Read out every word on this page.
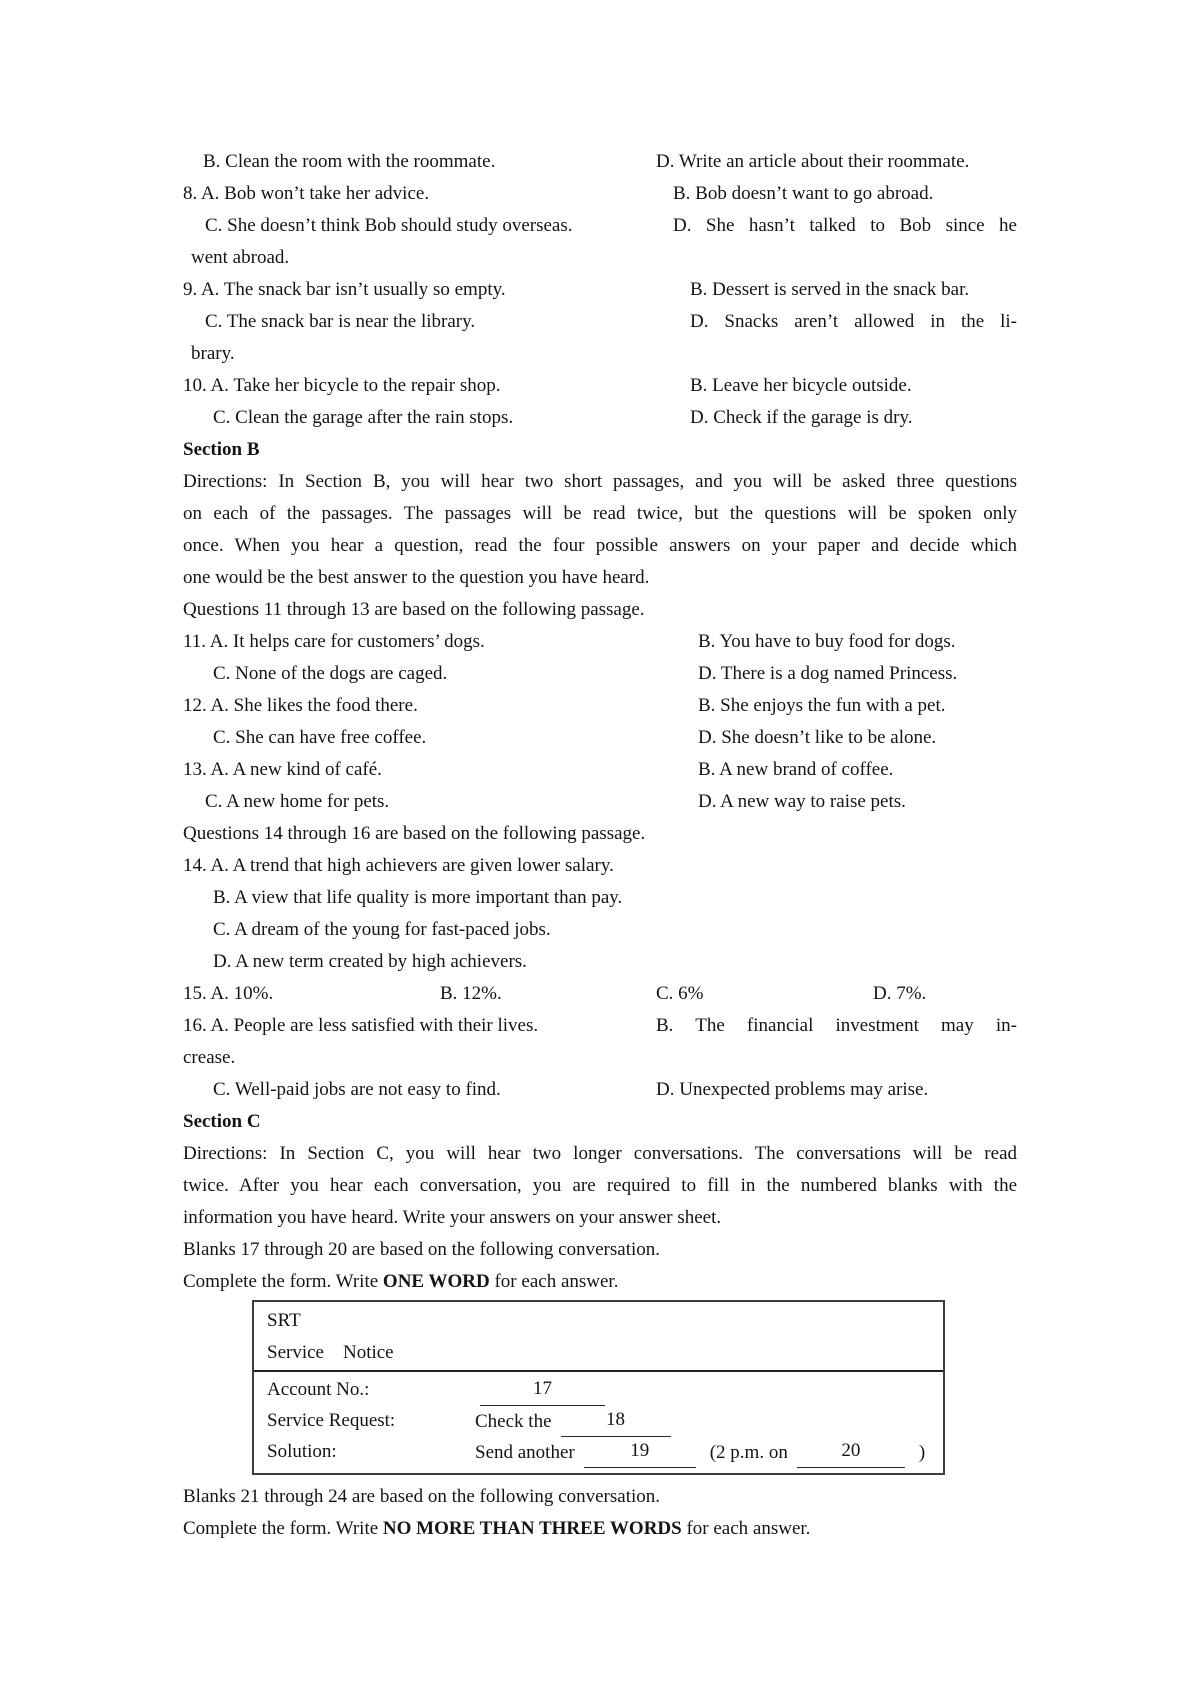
B. Clean the room with the roommate.	D. Write an article about their roommate.
8. A. Bob won’t take her advice.	B. Bob doesn’t want to go abroad.
C. She doesn’t think Bob should study overseas.	D. She hasn’t talked to Bob since he
went abroad.
9. A. The snack bar isn’t usually so empty.	B. Dessert is served in the snack bar.
C. The snack bar is near the library.	D. Snacks aren’t allowed in the li-
brary.
10. A. Take her bicycle to the repair shop.	B. Leave her bicycle outside.
C. Clean the garage after the rain stops.	D. Check if the garage is dry.
Section B
Directions: In Section B, you will hear two short passages, and you will be asked three questions
on each of the passages. The passages will be read twice, but the questions will be spoken only
once. When you hear a question, read the four possible answers on your paper and decide which
one would be the best answer to the question you have heard.
Questions 11 through 13 are based on the following passage.
11. A. It helps care for customers’ dogs.	B. You have to buy food for dogs.
C. None of the dogs are caged.	D. There is a dog named Princess.
12. A. She likes the food there.	B. She enjoys the fun with a pet.
C. She can have free coffee.	D. She doesn’t like to be alone.
13. A. A new kind of café.	B. A new brand of coffee.
C. A new home for pets.	D. A new way to raise pets.
Questions 14 through 16 are based on the following passage.
14. A. A trend that high achievers are given lower salary.
B. A view that life quality is more important than pay.
C. A dream of the young for fast-paced jobs.
D. A new term created by high achievers.
15. A. 10%.	B. 12%.	C. 6%	D. 7%.
16. A. People are less satisfied with their lives.	B. The financial investment may in-
crease.
C. Well-paid jobs are not easy to find.	D. Unexpected problems may arise.
Section C
Directions: In Section C, you will hear two longer conversations. The conversations will be read
twice. After you hear each conversation, you are required to fill in the numbered blanks with the
information you have heard. Write your answers on your answer sheet.
Blanks 17 through 20 are based on the following conversation.
Complete the form. Write ONE WORD for each answer.
SRT
Service    Notice
Account No.:	17
Service Request:	Check the	18
Solution:	Send another	19	(2 p.m. on	20	)
Blanks 21 through 24 are based on the following conversation.
Complete the form. Write NO MORE THAN THREE WORDS for each answer.
